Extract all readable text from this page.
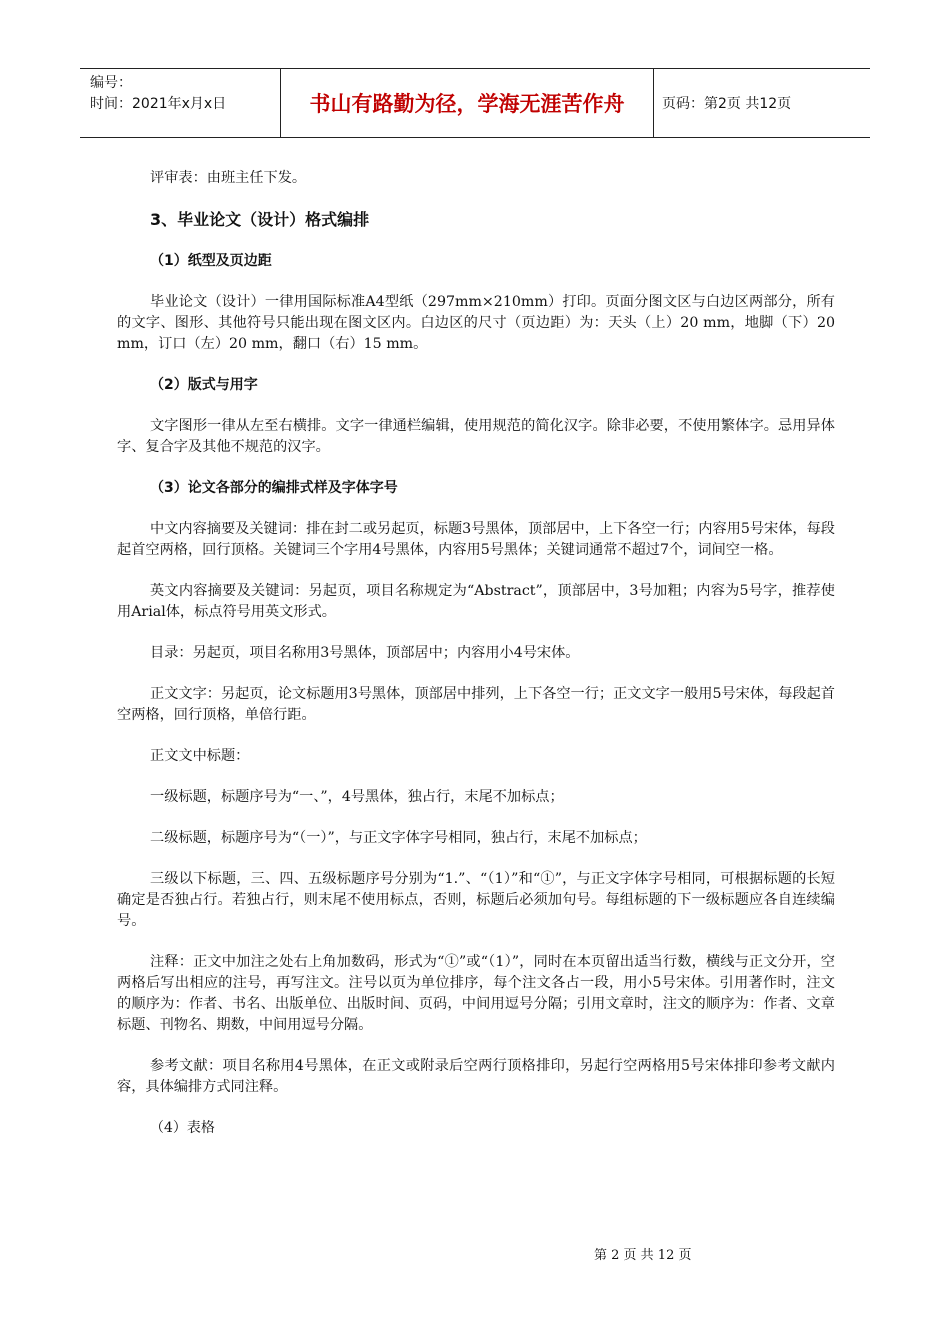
编号：
时间：2021年x月x日	书山有路勤为径，学海无涯苦作舟	页码：第2页 共12页

评审表：由班主任下发。

3、毕业论文（设计）格式编排
（1）纸型及页边距

毕业论文（设计）一律用国际标准A4型纸（297mm×210mm）打印。页面分图文区与白边区两部分，所有的文字、图形、其他符号只能出现在图文区内。白边区的尺寸（页边距）为：天头（上）20 mm，地脚（下）20 mm，订口（左）20 mm，翻口（右）15 mm。

（2）版式与用字

文字图形一律从左至右横排。文字一律通栏编辑，使用规范的简化汉字。除非必要，不使用繁体字。忌用异体字、复合字及其他不规范的汉字。

（3）论文各部分的编排式样及字体字号

中文内容摘要及关键词：排在封二或另起页，标题3号黑体，顶部居中，上下各空一行；内容用5号宋体，每段起首空两格，回行顶格。关键词三个字用4号黑体，内容用5号黑体；关键词通常不超过7个，词间空一格。

英文内容摘要及关键词：另起页，项目名称规定为“Abstract”，顶部居中，3号加粗；内容为5号字，推荐使用Arial体，标点符号用英文形式。

目录：另起页，项目名称用3号黑体，顶部居中；内容用小4号宋体。

正文文字：另起页，论文标题用3号黑体，顶部居中排列，上下各空一行；正文文字一般用5号宋体，每段起首空两格，回行顶格，单倍行距。

正文文中标题：

一级标题，标题序号为“一、”，4号黑体，独占行，末尾不加标点；

二级标题，标题序号为“（一）”，与正文字体字号相同，独占行，末尾不加标点；

三级以下标题，三、四、五级标题序号分别为“1.”、“（1）”和“①”，与正文字体字号相同，可根据标题的长短确定是否独占行。若独占行，则末尾不使用标点，否则，标题后必须加句号。每组标题的下一级标题应各自连续编号。

注释：正文中加注之处右上角加数码，形式为“①”或“（1）”，同时在本页留出适当行数，横线与正文分开，空两格后写出相应的注号，再写注文。注号以页为单位排序，每个注文各占一段，用小5号宋体。引用著作时，注文的顺序为：作者、书名、出版单位、出版时间、页码，中间用逗号分隔；引用文章时，注文的顺序为：作者、文章标题、刊物名、期数，中间用逗号分隔。

参考文献：项目名称用4号黑体，在正文或附录后空两行顶格排印，另起行空两格用5号宋体排印参考文献内容，具体编排方式同注释。

（4）表格
第 2 页 共 12 页
